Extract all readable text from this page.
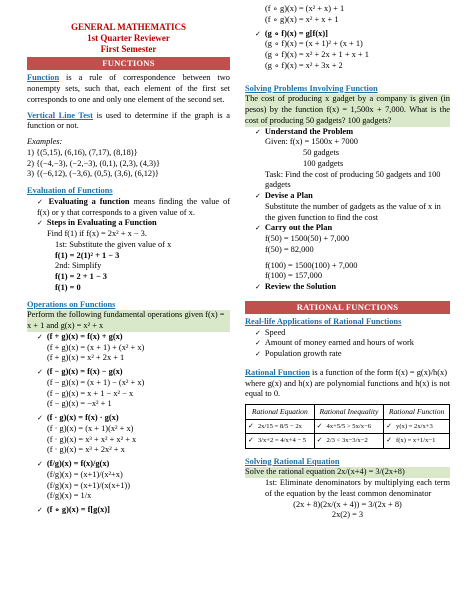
GENERAL MATHEMATICS
1st Quarter Reviewer
First Semester
FUNCTIONS
Function is a rule of correspondence between two nonempty sets, such that, each element of the first set corresponds to one and only one element of the second set.
Vertical Line Test is used to determine if the graph is a function or not.
Examples:
1) {(5,15), (6,16), (7,17), (8,18)}
2) {(−4,−3), (−2,−3), (0,1), (2,3), (4,3)}
3) {(−6,12), (−3,6), (0,5), (3,6), (6,12)}
Evaluation of Functions
✓ Evaluating a function means finding the value of f(x) or y that corresponds to a given value of x.
✓ Steps in Evaluating a Function
Find f(1) if f(x) = 2x² + x − 3.
1st: Substitute the given value of x
f(1) = 2(1)² + 1 − 3
2nd: Simplify
f(1) = 2 + 1 − 3
f(1) = 0
Operations on Functions
Perform the following fundamental operations given f(x) = x + 1 and g(x) = x² + x
✓ (f + g)(x) = f(x) + g(x)
(f + g)(x) = (x + 1) + (x² + x)
(f + g)(x) = x² + 2x + 1
✓ (f − g)(x) = f(x) − g(x)
(f − g)(x) = (x + 1) − (x² + x)
(f − g)(x) = x + 1 − x² − x
(f − g)(x) = −x² + 1
✓ (f · g)(x) = f(x) · g(x)
(f · g)(x) = (x + 1)(x² + x)
(f · g)(x) = x³ + x² + x² + x
(f · g)(x) = x³ + 2x² + x
✓ (f/g)(x) = f(x)/g(x)
(f/g)(x) = (x+1)/(x²+x)
(f/g)(x) = (x+1)/(x(x+1))
(f/g)(x) = 1/x
✓ (f ∘ g)(x) = f[g(x)]
(f ∘ g)(x) = (x² + x) + 1
(f ∘ g)(x) = x² + x + 1
✓ (g ∘ f)(x) = g[f(x)]
(g ∘ f)(x) = (x + 1)² + (x + 1)
(g ∘ f)(x) = x² + 2x + 1 + x + 1
(g ∘ f)(x) = x² + 3x + 2
Solving Problems Involving Function
The cost of producing x gadget by a company is given (in pesos) by the function f(x) = 1,500x + 7,000. What is the cost of producing 50 gadgets? 100 gadgets?
✓ Understand the Problem
Given: f(x) = 1500x + 7000
50 gadgets
100 gadgets
Task: Find the cost of producing 50 gadgets and 100 gadgets
✓ Devise a Plan
Substitute the number of gadgets as the value of x in the given function to find the cost
✓ Carry out the Plan
f(50) = 1500(50) + 7,000
f(50) = 82,000
f(100) = 1500(100) + 7,000
f(100) = 157,000
✓ Review the Solution
RATIONAL FUNCTIONS
Real-life Applications of Rational Functions
✓ Speed
✓ Amount of money earned and hours of work
✓ Population growth rate
Rational Function is a function of the form f(x) = g(x)/h(x)
where g(x) and h(x) are polynomial functions and h(x) is not equal to 0.
Rational Equation	Rational Inequality	Rational Function
✓ 2x/15 = 8/5 − 2x	✓ 4x+5/5 > 5x/x−6	✓ y(x) = 2x/x+3
✓ 3/x+2 = 4/x+4 − 5	✓ 2/3 < 3x−3/x−2	✓ f(x) = x+1/x−1
Solving Rational Equation
Solve the rational equation 2x/(x+4) = 3/(2x+8)
1st: Eliminate denominators by multiplying each term of the equation by the least common denominator
(2x + 8)(2x/(x + 4)) = 3/(2x + 8)
2x(2) = 3
